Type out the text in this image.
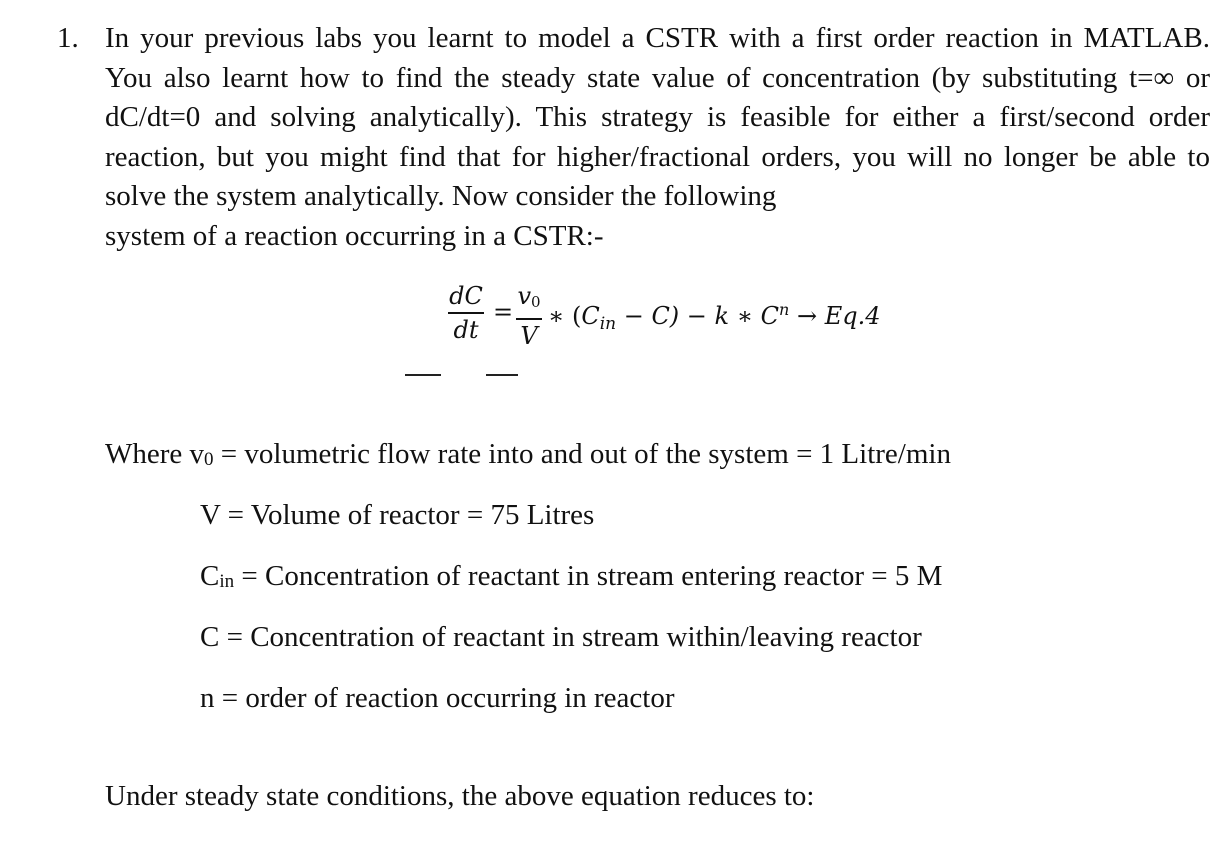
1. In your previous labs you learnt to model a CSTR with a first order reaction in MATLAB.
You also learnt how to find the steady state value of concentration (by substituting t=∞ or
dC/dt=0 and solving analytically). This strategy is feasible for either a first/second order
reaction, but you might find that for higher/fractional orders, you will no longer be able to
solve the system analytically. Now consider the following
system of a reaction occurring in a CSTR:-
dC
dt
=
v0
V
∗ $(C_{in} - C) - k$ ∗ $C^n \to Eq.4$
Where v0 = volumetric flow rate into and out of the system = 1 Litre/min
V = Volume of reactor = 75 Litres
Cin = Concentration of reactant in stream entering reactor = 5 M
C = Concentration of reactant in stream within/leaving reactor
n = order of reaction occurring in reactor
Under steady state conditions, the above equation reduces to:
